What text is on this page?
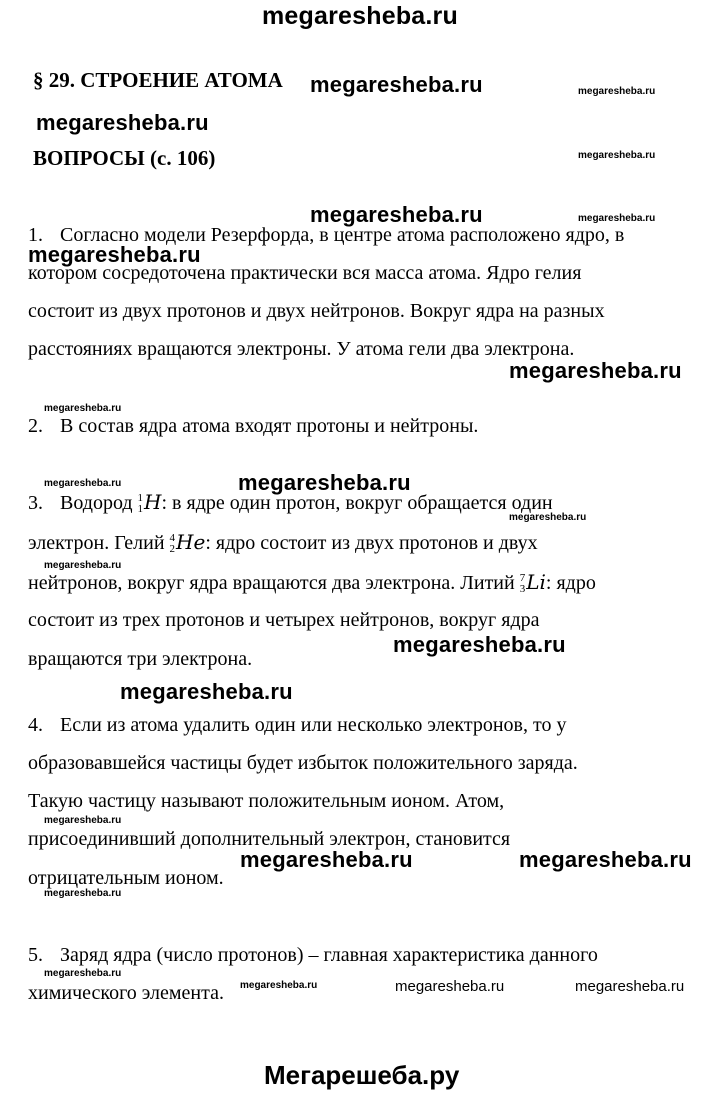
megaresheba.ru
§ 29. СТРОЕНИЕ АТОМА
ВОПРОСЫ (с. 106)
1. Согласно модели Резерфорда, в центре атома расположено ядро, в
котором сосредоточена практически вся масса атома. Ядро гелия
состоит из двух протонов и двух нейтронов. Вокруг ядра на разных
расстояниях вращаются электроны. У атома гели два электрона.
2. В состав ядра атома входят протоны и нейтроны.
3. Водород 1
1 H: в ядре один протон, вокруг обращается один
электрон. Гелий 4
2 He: ядро состоит из двух протонов и двух
нейтронов, вокруг ядра вращаются два электрона. Литий 7
3 Li: ядро
состоит из трех протонов и четырех нейтронов, вокруг ядра
вращаются три электрона.
4. Если из атома удалить один или несколько электронов, то у
образовавшейся частицы будет избыток положительного заряда.
Такую частицу называют положительным ионом. Атом,
присоединивший дополнительный электрон, становится
отрицательным ионом.
5. Заряд ядра (число протонов) – главная характеристика данного
химического элемента.
megaresheba.ru
megaresheba.ru
megaresheba.ru
megaresheba.ru
megaresheba.ru
megaresheba.ru
megaresheba.ru
megaresheba.ru
megaresheba.ru	megaresheba.ru
megaresheba.ru
megaresheba.ru
megaresheba.ru
megaresheba.ru
megaresheba.ru
megaresheba.ru
megaresheba.ru
megaresheba.ru
megaresheba.ru
megaresheba.ru
megaresheba.ru	megaresheba.ru	megaresheba.ru
Мегарешеба.ру
